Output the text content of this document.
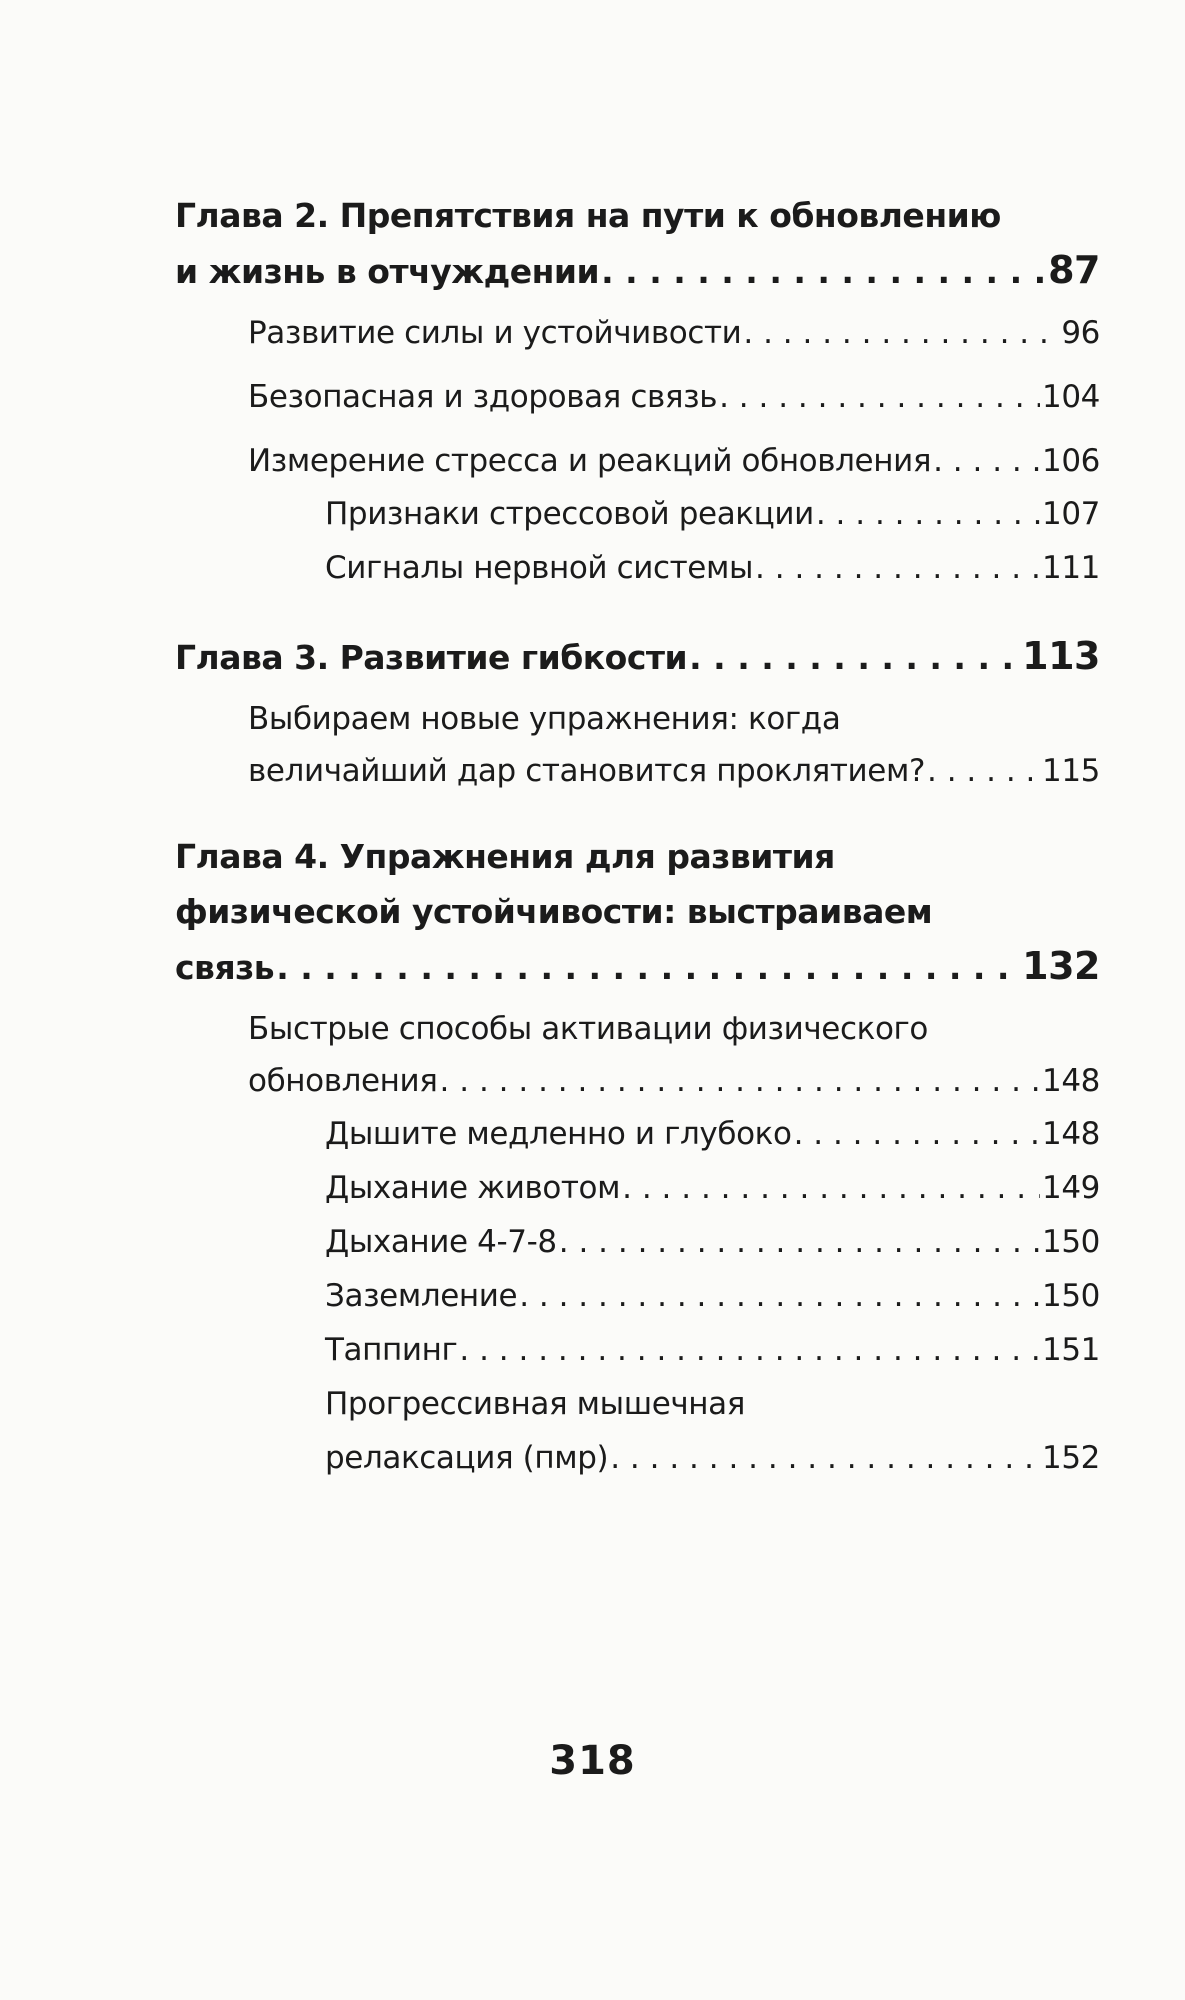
Глава 2. Препятствия на пути к обновлению
и жизнь в отчуждении . . .	87
Развитие силы и устойчивости . . .	96
Безопасная и здоровая связь . . .	104
Измерение стресса и реакций обновления . . .	106
Признаки стрессовой реакции . . .	107
Сигналы нервной системы . . .	111
Глава 3. Развитие гибкости . . .	113
Выбираем новые упражнения: когда
величайший дар становится проклятием? . . .	115
Глава 4. Упражнения для развития
физической устойчивости: выстраиваем
связь . . .	132
Быстрые способы активации физического
обновления . . .	148
Дышите медленно и глубоко . . .	148
Дыхание животом . . .	149
Дыхание 4-7-8 . . .	150
Заземление . . .	150
Таппинг . . .	151
Прогрессивная мышечная
релаксация (пмр) . . .	152
318
